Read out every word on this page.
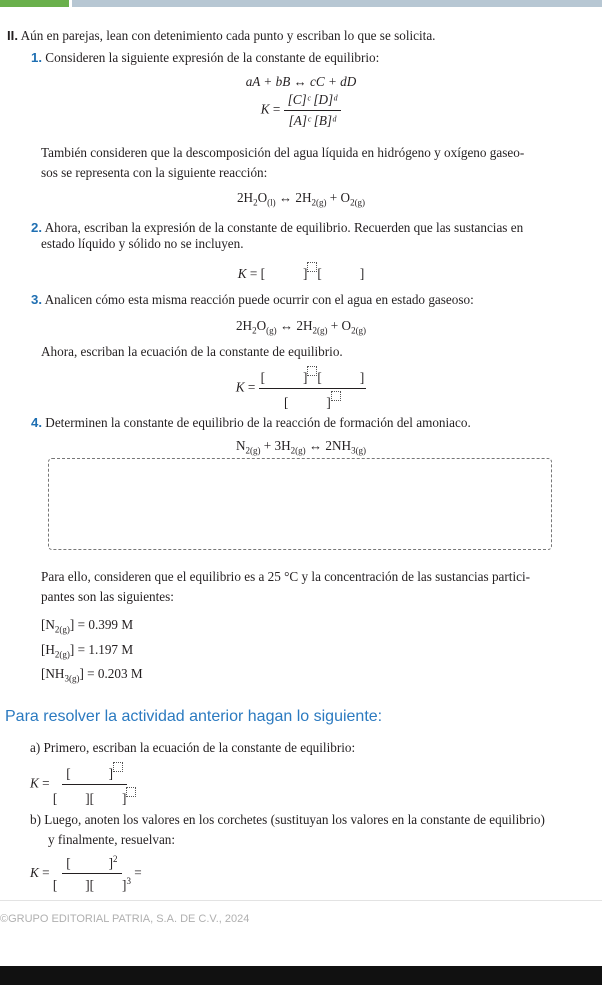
II. Aún en parejas, lean con detenimiento cada punto y escriban lo que se solicita.
1. Consideren la siguiente expresión de la constante de equilibrio:
aA + bB ↔ cC + dD
$K = \frac{\text{[C]ᶜ [D]ᵈ}}{\text{[A]ᶜ [B]ᵈ}}$
También consideren que la descomposición del agua líquida en hidrógeno y oxígeno gaseo-
sos se representa con la siguiente reacción:
$2H_2O_{(l)}$ ↔ $2H_{2(g)} + O_{2(g)}$
2. Ahora, escriban la expresión de la constante de equilibrio. Recuerden que las sustancias en
estado líquido y sólido no se incluyen.
K = [	] [	]
3. Analicen cómo esta misma reacción puede ocurrir con el agua en estado gaseoso:
$2H_2O_{(g)}$ ↔ $2H_{2(g)} + O_{2(g)}$
Ahora, escriban la ecuación de la constante de equilibrio.
K = [	] [	]
[	]
4. Determinen la constante de equilibrio de la reacción de formación del amoniaco.
$N_{2(g)} + 3H_{2(g)}$ ↔ $2NH_{3(g)}$
Para ello, consideren que el equilibrio es a 25 °C y la concentración de las sustancias partici-
pantes son las siguientes:
$[N_{2(g)}] = 0.399$ M
$[H_{2(g)}] = 1.197$ M
$[NH_{3(g)}] = 0.203$ M
Para resolver la actividad anterior hagan lo siguiente:
a) Primero, escriban la ecuación de la constante de equilibrio:
K = [	]
[ ][ ]
b) Luego, anoten los valores en los corchetes (sustituyan los valores en la constante de equilibrio)
y finalmente, resuelvan:
K = [	]$^2$
[ ][ ]$^3$ =
©GRUPO EDITORIAL PATRIA, S.A. DE C.V., 2024
